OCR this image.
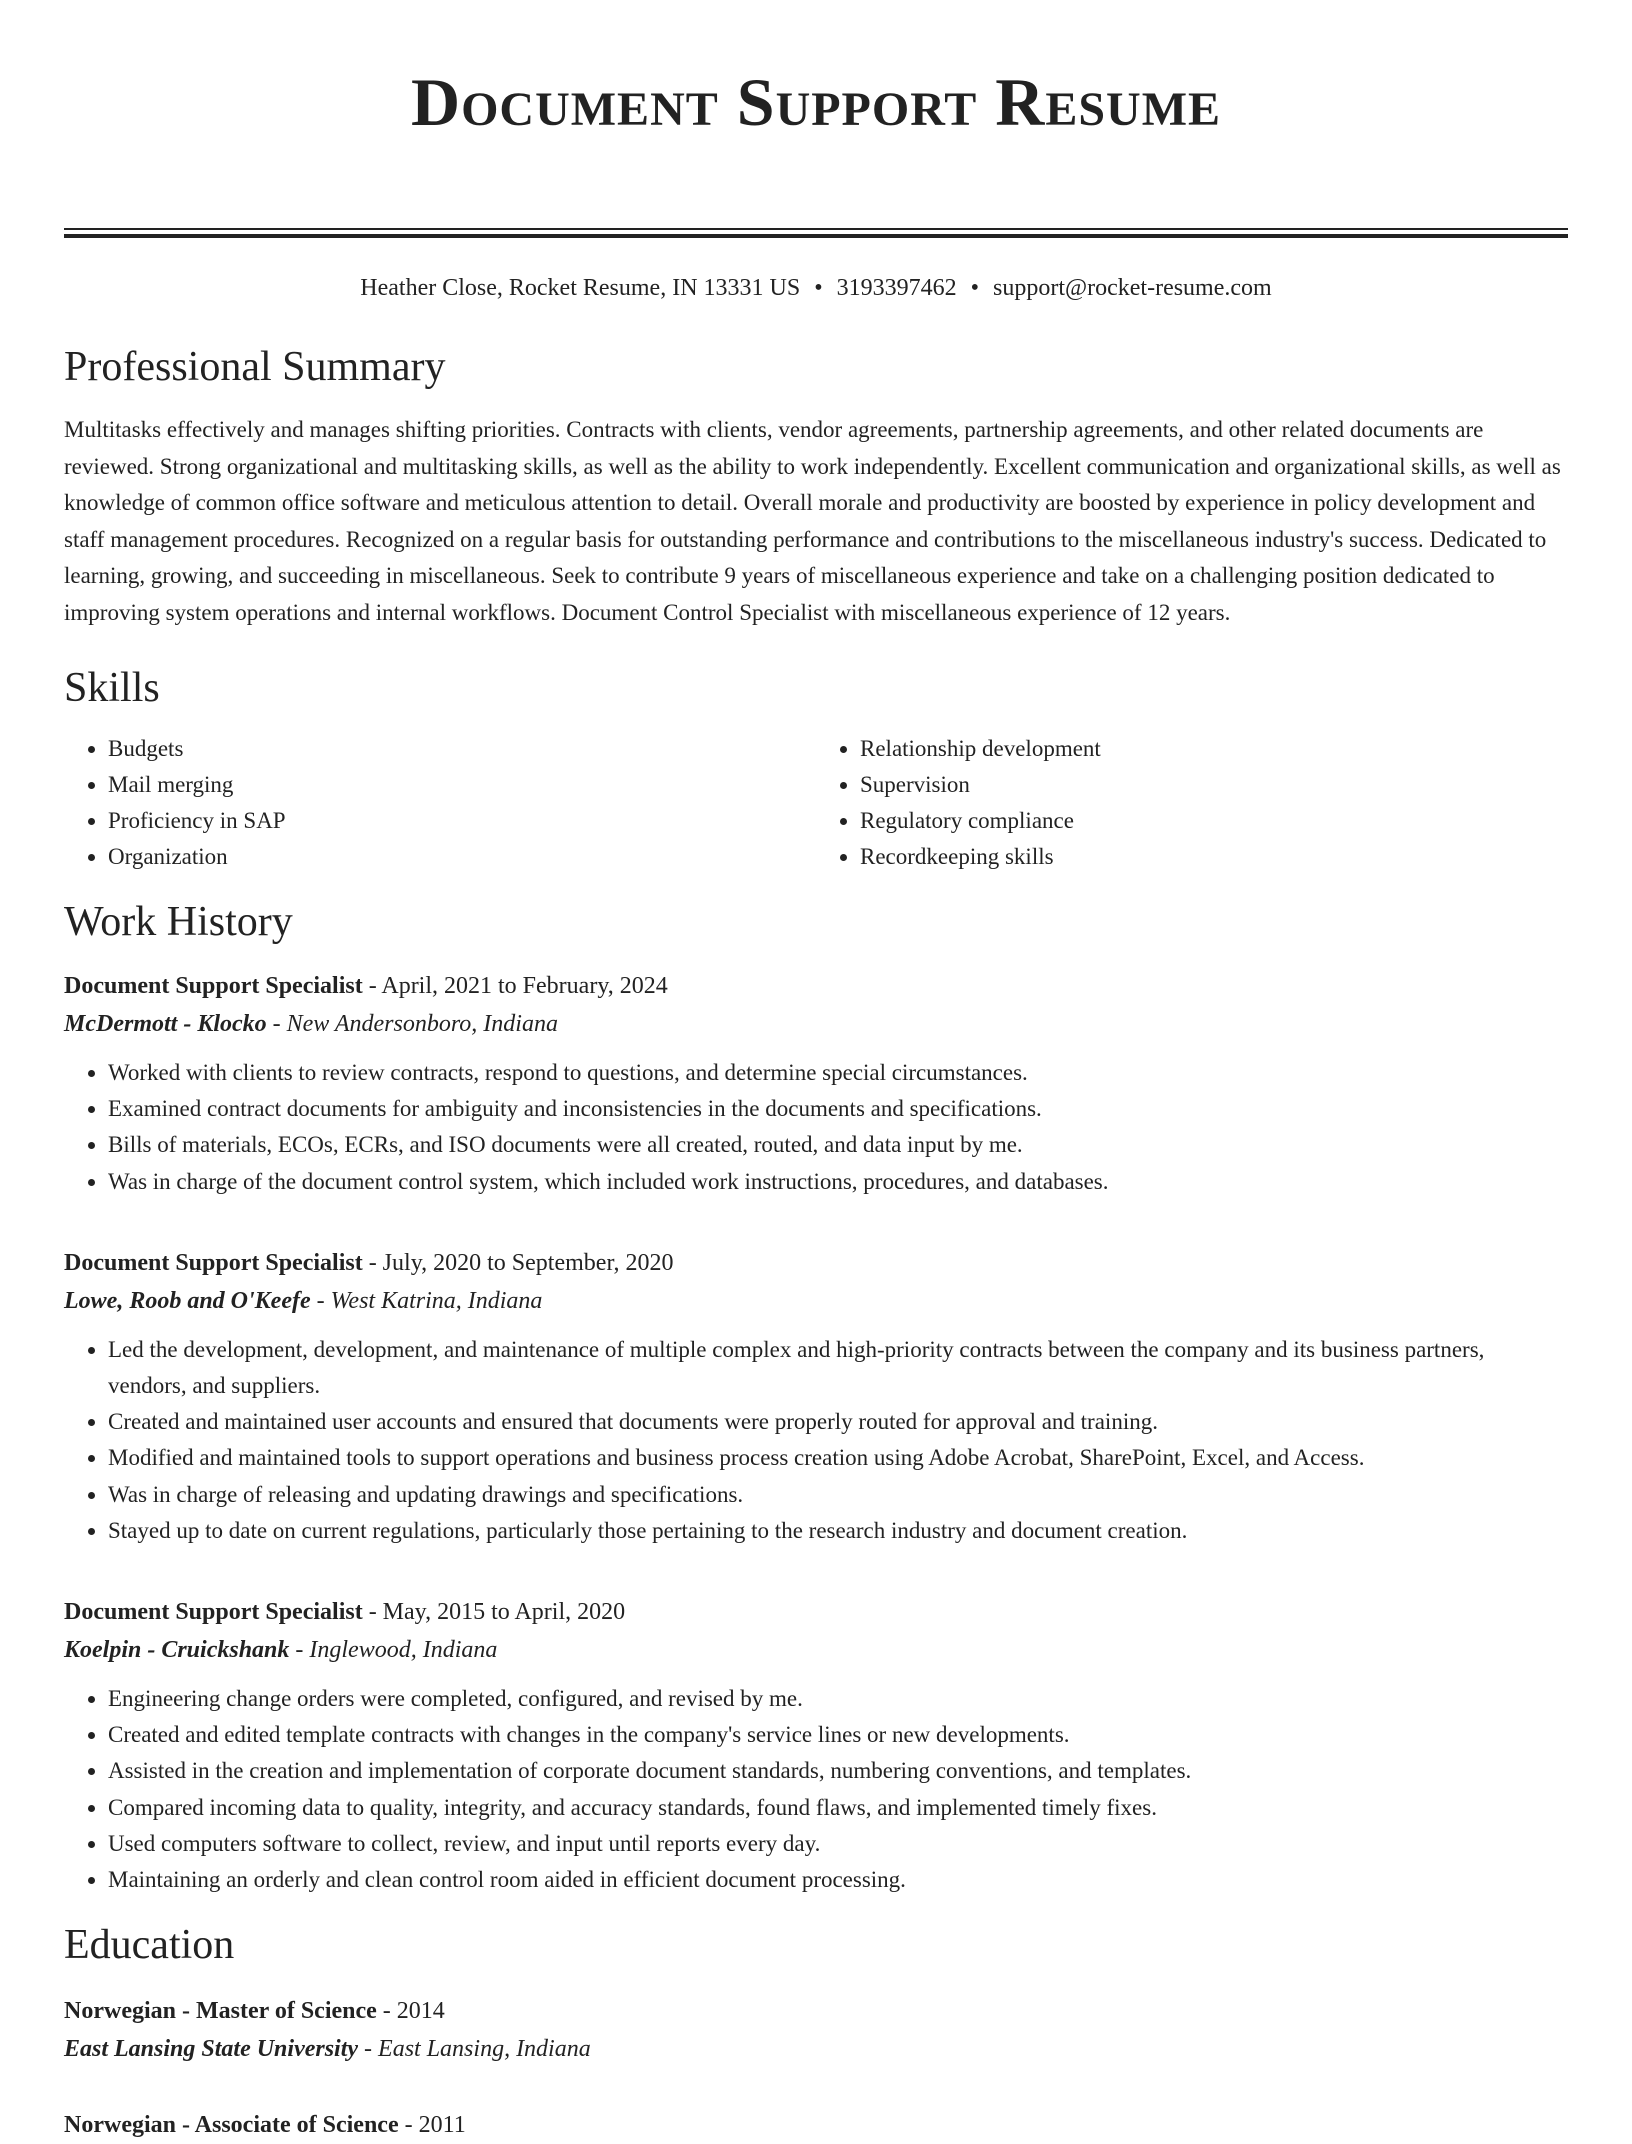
Document Support Resume
Heather Close, Rocket Resume, IN 13331 US • 3193397462 • support@rocket-resume.com
Professional Summary

Multitasks effectively and manages shifting priorities. Contracts with clients, vendor agreements, partnership agreements, and other related documents are reviewed. Strong organizational and multitasking skills, as well as the ability to work independently. Excellent communication and organizational skills, as well as knowledge of common office software and meticulous attention to detail. Overall morale and productivity are boosted by experience in policy development and staff management procedures. Recognized on a regular basis for outstanding performance and contributions to the miscellaneous industry's success. Dedicated to learning, growing, and succeeding in miscellaneous. Seek to contribute 9 years of miscellaneous experience and take on a challenging position dedicated to improving system operations and internal workflows. Document Control Specialist with miscellaneous experience of 12 years.

Skills
• Budgets
• Mail merging
• Proficiency in SAP
• Organization
• Relationship development
• Supervision
• Regulatory compliance
• Recordkeeping skills
Work History
Document Support Specialist - April, 2021 to February, 2024
McDermott - Klocko - New Andersonboro, Indiana
• Worked with clients to review contracts, respond to questions, and determine special circumstances.
• Examined contract documents for ambiguity and inconsistencies in the documents and specifications.
• Bills of materials, ECOs, ECRs, and ISO documents were all created, routed, and data input by me.
• Was in charge of the document control system, which included work instructions, procedures, and databases.
Document Support Specialist - July, 2020 to September, 2020
Lowe, Roob and O'Keefe - West Katrina, Indiana
• Led the development, development, and maintenance of multiple complex and high-priority contracts between the company and its business partners, vendors, and suppliers.
• Created and maintained user accounts and ensured that documents were properly routed for approval and training.
• Modified and maintained tools to support operations and business process creation using Adobe Acrobat, SharePoint, Excel, and Access.
• Was in charge of releasing and updating drawings and specifications.
• Stayed up to date on current regulations, particularly those pertaining to the research industry and document creation.
Document Support Specialist - May, 2015 to April, 2020
Koelpin - Cruickshank - Inglewood, Indiana
• Engineering change orders were completed, configured, and revised by me.
• Created and edited template contracts with changes in the company's service lines or new developments.
• Assisted in the creation and implementation of corporate document standards, numbering conventions, and templates.
• Compared incoming data to quality, integrity, and accuracy standards, found flaws, and implemented timely fixes.
• Used computers software to collect, review, and input until reports every day.
• Maintaining an orderly and clean control room aided in efficient document processing.
Education
Norwegian - Master of Science - 2014
East Lansing State University - East Lansing, Indiana
Norwegian - Associate of Science - 2011
